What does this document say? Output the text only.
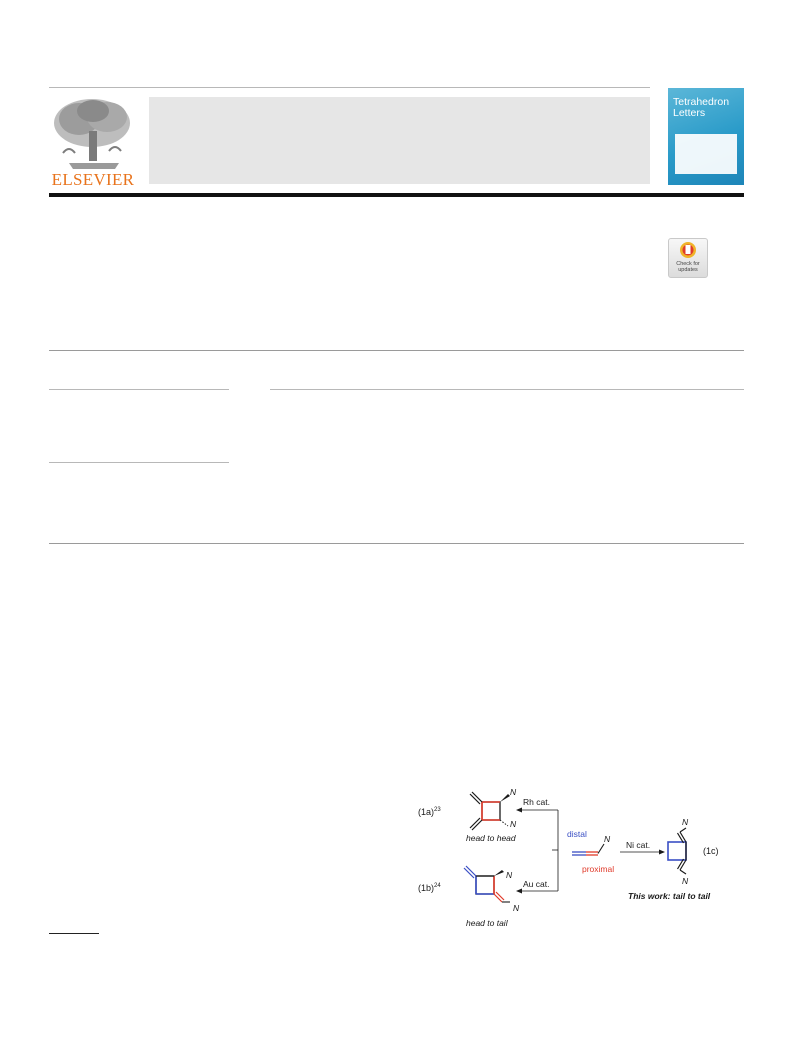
ELSEVIER
Tetrahedron
Letters
Check for
updates
$(1a)^{23}$
N
N
head to head
Rh cat.
Au cat.
$(1b)^{24}$
N
N
head to tail
distal N
proximal
Ni cat.
N
N
(1c)
This work: tail to tail
